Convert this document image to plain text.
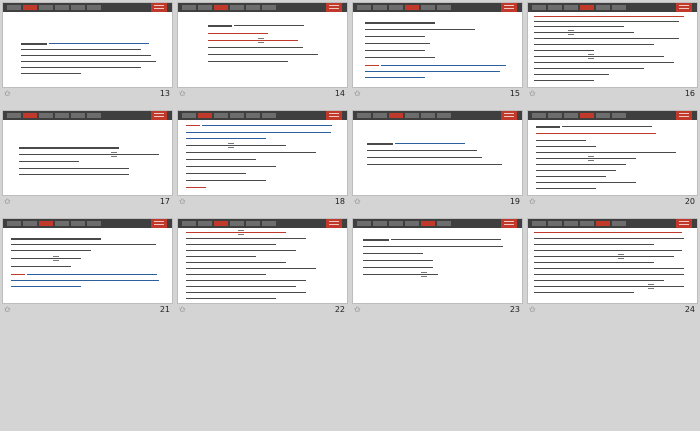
✩	13 ✩	14 ✩	15 ✩	16
✩	17 ✩	18 ✩	19 ✩	20
✩	21 ✩	22 ✩	23 ✩	24
